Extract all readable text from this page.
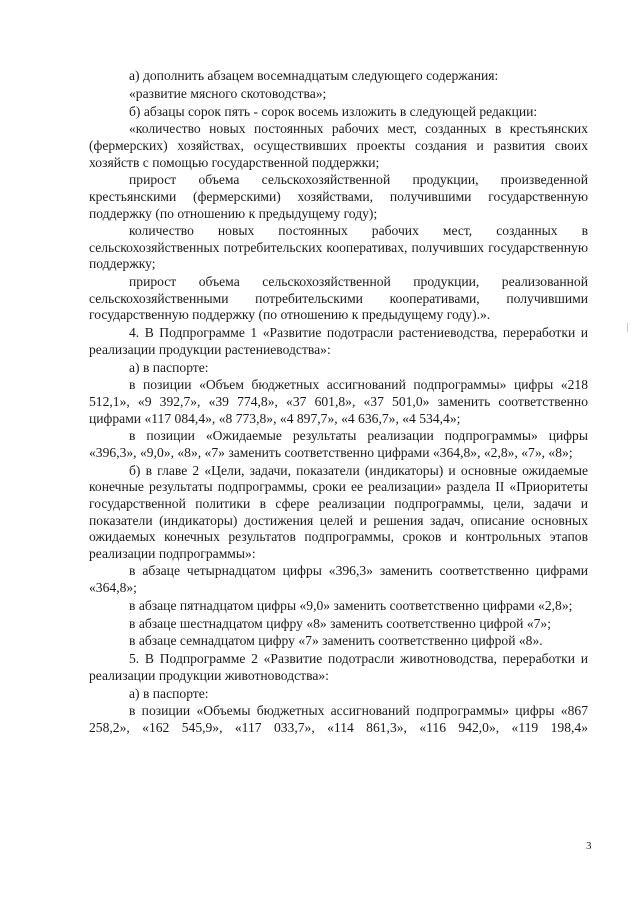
а) дополнить абзацем восемнадцатым следующего содержания:

«развитие мясного скотоводства»;

б) абзацы сорок пять - сорок восемь изложить в следующей редакции:

«количество новых постоянных рабочих мест, созданных в крестьянских (фермерских) хозяйствах, осуществивших проекты создания и развития своих хозяйств с помощью государственной поддержки;

прирост объема сельскохозяйственной продукции, произведенной крестьянскими (фермерскими) хозяйствами, получившими государственную поддержку (по отношению к предыдущему году);

количество новых постоянных рабочих мест, созданных в сельскохозяйственных потребительских кооперативах, получивших государственную поддержку;

прирост объема сельскохозяйственной продукции, реализованной сельскохозяйственными потребительскими кооперативами, получившими государственную поддержку (по отношению к предыдущему году).».

4. В Подпрограмме 1 «Развитие подотрасли растениеводства, переработки и реализации продукции растениеводства»:

а) в паспорте:

в позиции «Объем бюджетных ассигнований подпрограммы» цифры «218 512,1», «9 392,7», «39 774,8», «37 601,8», «37 501,0» заменить соответственно цифрами «117 084,4», «8 773,8», «4 897,7», «4 636,7», «4 534,4»;

в позиции «Ожидаемые результаты реализации подпрограммы» цифры «396,3», «9,0», «8», «7» заменить соответственно цифрами «364,8», «2,8», «7», «8»;

б) в главе 2 «Цели, задачи, показатели (индикаторы) и основные ожидаемые конечные результаты подпрограммы, сроки ее реализации» раздела II «Приоритеты государственной политики в сфере реализации подпрограммы, цели, задачи и показатели (индикаторы) достижения целей и решения задач, описание основных ожидаемых конечных результатов подпрограммы, сроков и контрольных этапов реализации подпрограммы»:

в абзаце четырнадцатом цифры «396,3» заменить соответственно цифрами «364,8»;

в абзаце пятнадцатом цифры «9,0» заменить соответственно цифрами «2,8»;

в абзаце шестнадцатом цифру «8» заменить соответственно цифрой «7»;

в абзаце семнадцатом цифру «7» заменить соответственно цифрой «8».

5. В Подпрограмме 2 «Развитие подотрасли животноводства, переработки и реализации продукции животноводства»:

а) в паспорте:

в позиции «Объемы бюджетных ассигнований подпрограммы» цифры «867 258,2», «162 545,9», «117 033,7», «114 861,3», «116 942,0», «119 198,4»

3
